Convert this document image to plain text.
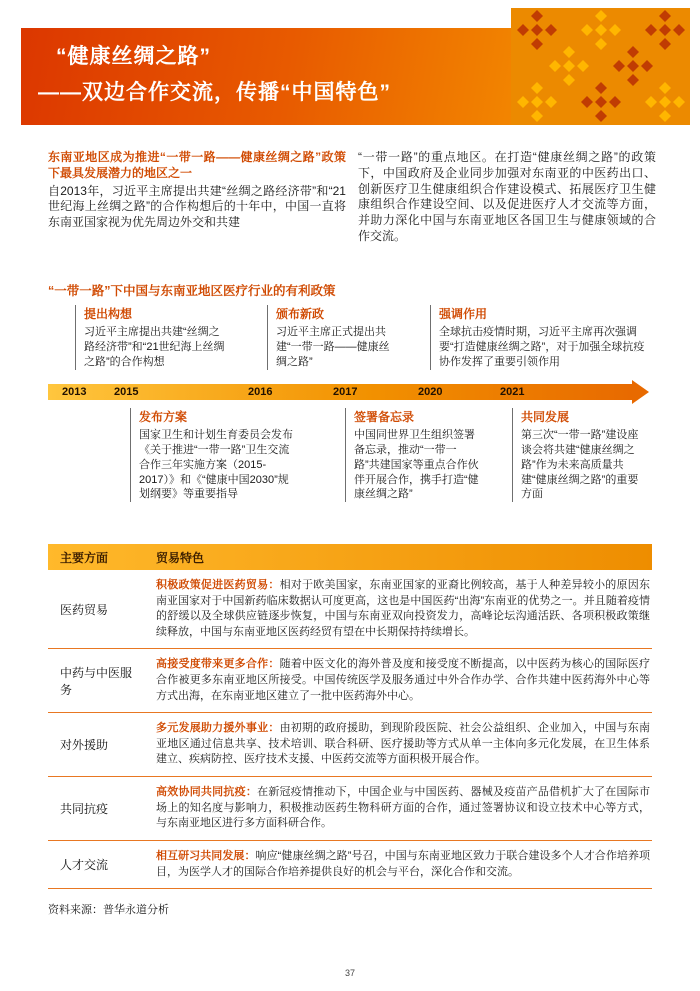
“健康丝绸之路”
——双边合作交流，传播“中国特色”
东南亚地区成为推进“一带一路——健康丝绸之路”政策下最具发展潜力的地区之一

自2013年，习近平主席提出共建“丝绸之路经济带”和“21世纪海上丝绸之路”的合作构想后的十年中，中国一直将东南亚国家视为优先周边外交和共建

“一带一路”的重点地区。在打造“健康丝绸之路”的政策下，中国政府及企业同步加强对东南亚的中医药出口、创新医疗卫生健康组织合作建设模式、拓展医疗卫生健康组织合作建设空间、以及促进医疗人才交流等方面，并助力深化中国与东南亚地区各国卫生与健康领域的合作交流。

“一带一路”下中国与东南亚地区医疗行业的有利政策
提出构想
习近平主席提出共建“丝绸之路经济带”和“21世纪海上丝绸之路”的合作构想
颁布新政
习近平主席正式提出共建“一带一路——健康丝绸之路”
强调作用
全球抗击疫情时期，习近平主席再次强调要“打造健康丝绸之路”，对于加强全球抗疫协作发挥了重要引领作用
2013	2015	2016	2017	2020	2021
发布方案
国家卫生和计划生育委员会发布《关于推进“一带一路”卫生交流合作三年实施方案（2015-2017）》和《“健康中国2030”规划纲要》等重要指导
签署备忘录
中国同世界卫生组织签署备忘录，推动“一带一路”共建国家等重点合作伙伴开展合作，携手打造“健康丝绸之路”
共同发展
第三次“一带一路”建设座谈会将共建“健康丝绸之路”作为未来高质量共建“健康丝绸之路”的重要方面
主要方面	贸易特色
医药贸易
积极政策促进医药贸易：相对于欧美国家，东南亚国家的亚裔比例较高，基于人种差异较小的原因东南亚国家对于中国新药临床数据认可度更高，这也是中国医药“出海”东南亚的优势之一。并且随着疫情的舒缓以及全球供应链逐步恢复，中国与东南亚双向投资发力，高峰论坛沟通活跃、各项积极政策继续释放，中国与东南亚地区医药经贸有望在中长期保持持续增长。
中药与中医服务
高接受度带来更多合作：随着中医文化的海外普及度和接受度不断提高，以中医药为核心的国际医疗合作被更多东南亚地区所接受。中国传统医学及服务通过中外合作办学、合作共建中医药海外中心等方式出海，在东南亚地区建立了一批中医药海外中心。
对外援助
多元发展助力援外事业：由初期的政府援助，到现阶段医院、社会公益组织、企业加入，中国与东南亚地区通过信息共享、技术培训、联合科研、医疗援助等方式从单一主体向多元化发展，在卫生体系建立、疾病防控、医疗技术支援、中医药交流等方面积极开展合作。
共同抗疫
高效协同共同抗疫：在新冠疫情推动下，中国企业与中国医药、器械及疫苗产品借机扩大了在国际市场上的知名度与影响力，积极推动医药生物科研方面的合作，通过签署协议和设立技术中心等方式，与东南亚地区进行多方面科研合作。
人才交流
相互研习共同发展：响应“健康丝绸之路”号召，中国与东南亚地区致力于联合建设多个人才合作培养项目，为医学人才的国际合作培养提供良好的机会与平台，深化合作和交流。
资料来源：普华永道分析
37
